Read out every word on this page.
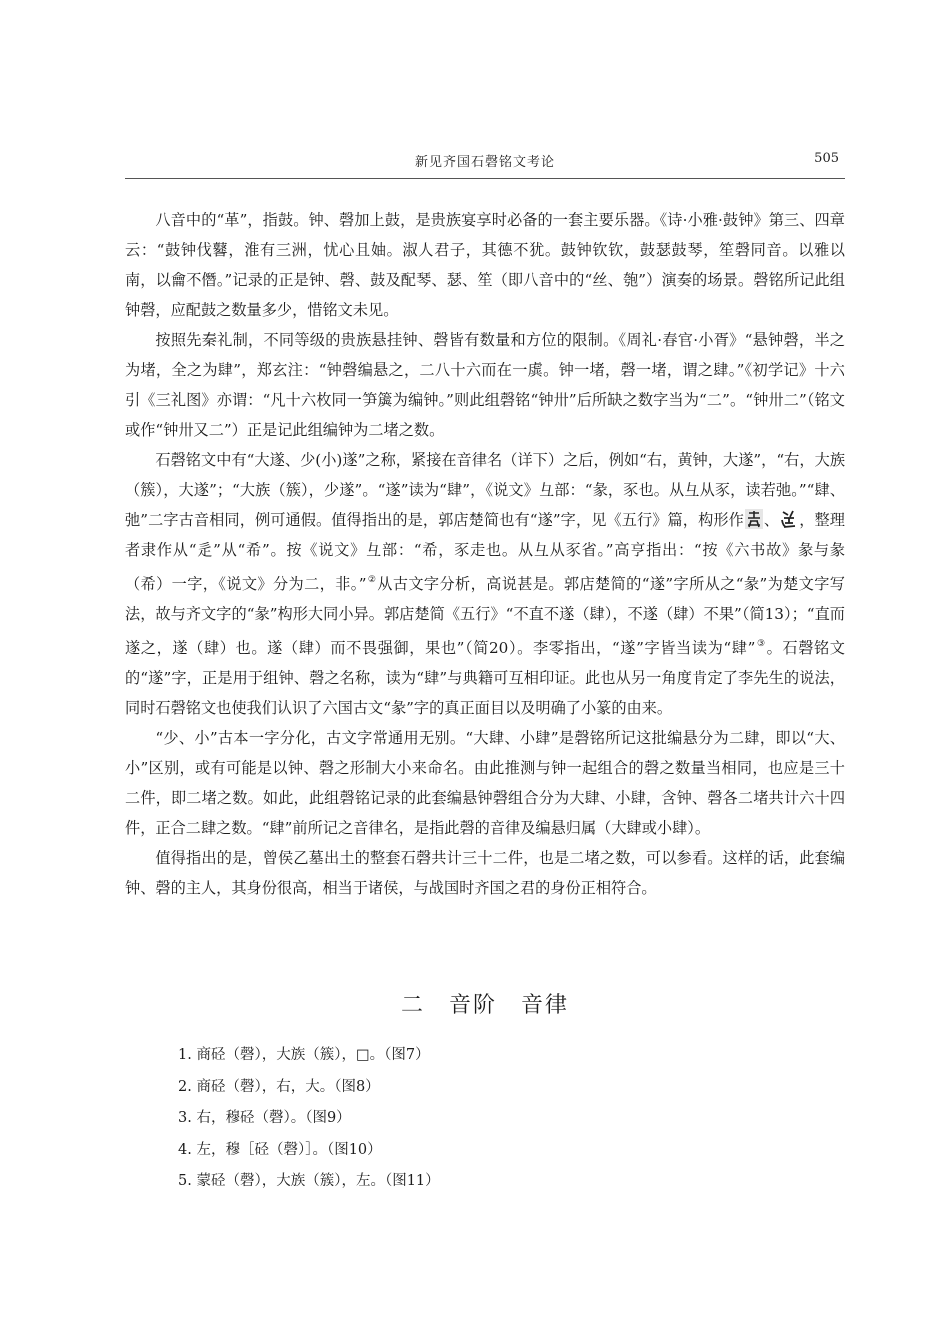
新见齐国石磬铭文考论	505

八音中的“革”，指鼓。钟、磬加上鼓，是贵族宴享时必备的一套主要乐器。《诗·小雅·鼓钟》第三、四章云：“鼓钟伐鼛，淮有三洲，忧心且妯。淑人君子，其德不犹。鼓钟钦钦，鼓瑟鼓琴，笙磬同音。以雅以南，以龠不僭。”记录的正是钟、磬、鼓及配琴、瑟、笙（即八音中的“丝、匏”）演奏的场景。磬铭所记此组钟磬，应配鼓之数量多少，惜铭文未见。

按照先秦礼制，不同等级的贵族悬挂钟、磬皆有数量和方位的限制。《周礼·春官·小胥》“悬钟磬，半之为堵，全之为肆”，郑玄注：“钟磬编悬之，二八十六而在一虡。钟一堵，磬一堵，谓之肆。”《初学记》十六引《三礼图》亦谓：“凡十六枚同一笋簴为编钟。”则此组磬铭“钟卅”后所缺之数字当为“二”。“钟卅二”（铭文或作“钟卅又二”）正是记此组编钟为二堵之数。

石磬铭文中有“大遂、少(小)遂”之称，紧接在音律名（详下）之后，例如“右，黄钟，大遂”，“右，大族（簇），大遂”；“大族（簇），少遂”。“遂”读为“肆”，《说文》彑部：“彖，豕也。从彑从豕，读若弛。”“肆、弛”二字古音相同，例可通假。值得指出的是，郭店楚简也有“遂”字，见《五行》篇，构形作 、 ，整理者隶作从“辵”从“希”。按《说文》彑部：“希，豕走也。从彑从豕省。”高亨指出：“按《六书故》彖与彖（希）一字，《说文》分为二，非。”②从古文字分析，高说甚是。郭店楚简的“遂”字所从之“彖”为楚文字写法，故与齐文字的“彖”构形大同小异。郭店楚简《五行》“不直不遂（肆），不遂（肆）不果”（简13）；“直而遂之，遂（肆）也。遂（肆）而不畏强御，果也”（简20）。李零指出，“遂”字皆当读为“肆”③。石磬铭文的“遂”字，正是用于组钟、磬之名称，读为“肆”与典籍可互相印证。此也从另一角度肯定了李先生的说法，同时石磬铭文也使我们认识了六国古文“彖”字的真正面目以及明确了小篆的由来。

“少、小”古本一字分化，古文字常通用无别。“大肆、小肆”是磬铭所记这批编悬分为二肆，即以“大、小”区别，或有可能是以钟、磬之形制大小来命名。由此推测与钟一起组合的磬之数量当相同，也应是三十二件，即二堵之数。如此，此组磬铭记录的此套编悬钟磬组合分为大肆、小肆，含钟、磬各二堵共计六十四件，正合二肆之数。“肆”前所记之音律名，是指此磬的音律及编悬归属（大肆或小肆）。

值得指出的是，曾侯乙墓出土的整套石磬共计三十二件，也是二堵之数，可以参看。这样的话，此套编钟、磬的主人，其身份很高，相当于诸侯，与战国时齐国之君的身份正相符合。

二 音阶 音律
1. 商硁（磬），大族（簇），□。（图7）
2. 商硁（磬），右，大。（图8）
3. 右，穆硁（磬）。（图9）
4. 左，穆［硁（磬）］。（图10）
5. 蒙硁（磬），大族（簇），左。（图11）
